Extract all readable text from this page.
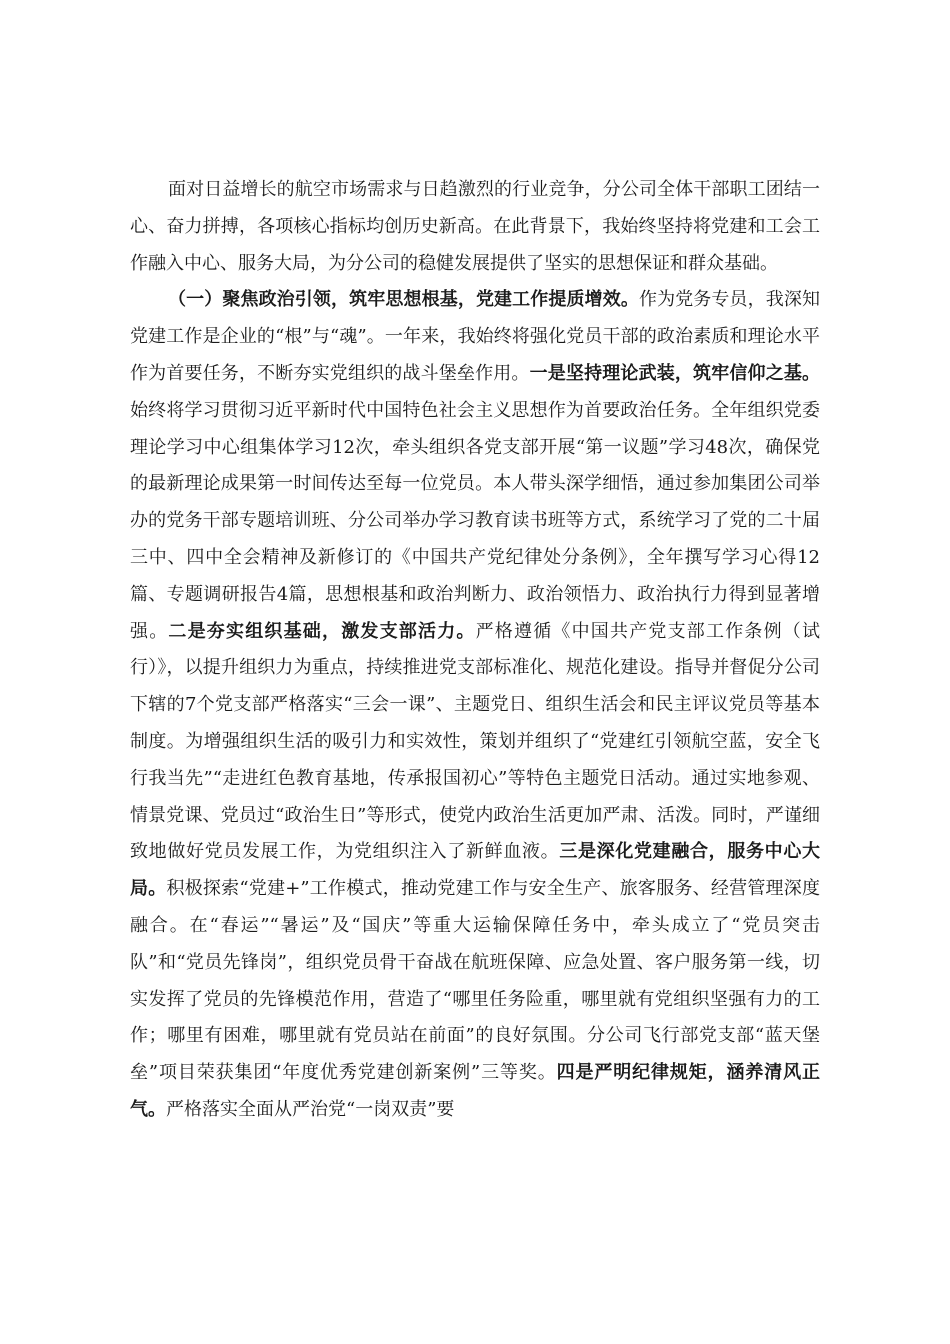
面对日益增长的航空市场需求与日趋激烈的行业竞争，分公司全体干部职工团结一心、奋力拼搏，各项核心指标均创历史新高。在此背景下，我始终坚持将党建和工会工作融入中心、服务大局，为分公司的稳健发展提供了坚实的思想保证和群众基础。

（一）聚焦政治引领，筑牢思想根基，党建工作提质增效。作为党务专员，我深知党建工作是企业的“根”与“魂”。一年来，我始终将强化党员干部的政治素质和理论水平作为首要任务，不断夯实党组织的战斗堡垒作用。一是坚持理论武装，筑牢信仰之基。始终将学习贯彻习近平新时代中国特色社会主义思想作为首要政治任务。全年组织党委理论学习中心组集体学习12次，牵头组织各党支部开展“第一议题”学习48次，确保党的最新理论成果第一时间传达至每一位党员。本人带头深学细悟，通过参加集团公司举办的党务干部专题培训班、分公司举办学习教育读书班等方式，系统学习了党的二十届三中、四中全会精神及新修订的《中国共产党纪律处分条例》，全年撰写学习心得12篇、专题调研报告4篇，思想根基和政治判断力、政治领悟力、政治执行力得到显著增强。二是夯实组织基础，激发支部活力。严格遵循《中国共产党支部工作条例（试行）》，以提升组织力为重点，持续推进党支部标准化、规范化建设。指导并督促分公司下辖的7个党支部严格落实“三会一课”、主题党日、组织生活会和民主评议党员等基本制度。为增强组织生活的吸引力和实效性，策划并组织了“党建红引领航空蓝，安全飞行我当先”“走进红色教育基地，传承报国初心”等特色主题党日活动。通过实地参观、情景党课、党员过“政治生日”等形式，使党内政治生活更加严肃、活泼。同时，严谨细致地做好党员发展工作，为党组织注入了新鲜血液。三是深化党建融合，服务中心大局。积极探索“党建+”工作模式，推动党建工作与安全生产、旅客服务、经营管理深度融合。在“春运”“暑运”及“国庆”等重大运输保障任务中，牵头成立了“党员突击队”和“党员先锋岗”，组织党员骨干奋战在航班保障、应急处置、客户服务第一线，切实发挥了党员的先锋模范作用，营造了“哪里任务险重，哪里就有党组织坚强有力的工作；哪里有困难，哪里就有党员站在前面”的良好氛围。分公司飞行部党支部“蓝天堡垒”项目荣获集团“年度优秀党建创新案例”三等奖。四是严明纪律规矩，涵养清风正气。严格落实全面从严治党“一岗双责”要
